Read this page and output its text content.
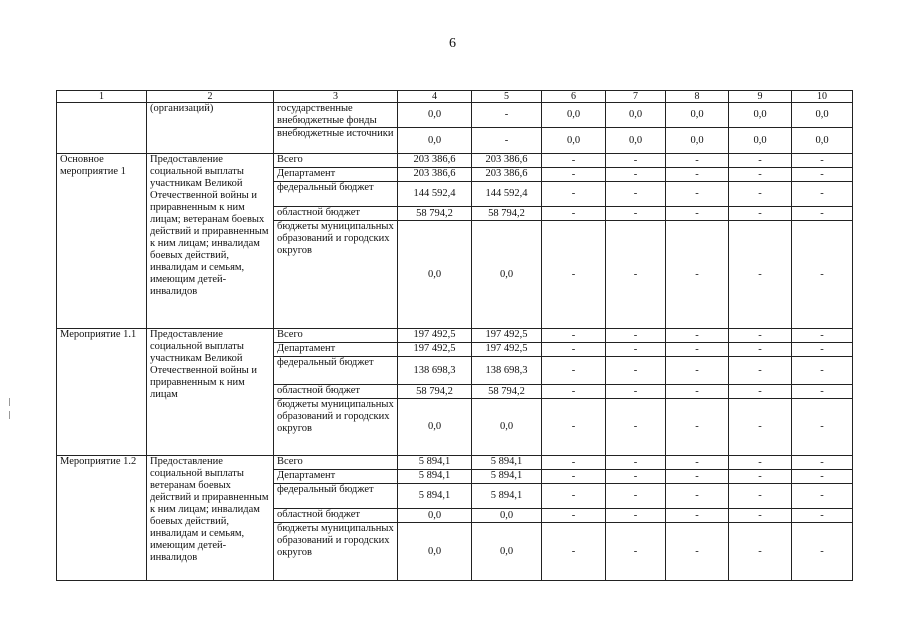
6
1	2	3	4	5	6	7	8	9	10
	(организаций)	государственные внебюджетные фонды	0,0	-	0,0	0,0	0,0	0,0	0,0
		внебюджетные источники	0,0	-	0,0	0,0	0,0	0,0	0,0
Основное мероприятие 1	Предоставление социальной выплаты участникам Великой Отечественной войны и приравненным к ним лицам; ветеранам боевых действий и приравненным к ним лицам; инвалидам боевых действий, инвалидам и семьям, имеющим детей-инвалидов	Всего	203 386,6	203 386,6	-	-	-	-	-
		Департамент	203 386,6	203 386,6	-	-	-	-	-
		федеральный бюджет	144 592,4	144 592,4	-	-	-	-	-
		областной бюджет	58 794,2	58 794,2	-	-	-	-	-
		бюджеты муниципальных образований и городских округов	0,0	0,0	-	-	-	-	-
Мероприятие 1.1	Предоставление социальной выплаты участникам Великой Отечественной войны и приравненным к ним лицам	Всего	197 492,5	197 492,5	-	-	-	-	-
		Департамент	197 492,5	197 492,5	-	-	-	-	-
		федеральный бюджет	138 698,3	138 698,3	-	-	-	-	-
		областной бюджет	58 794,2	58 794,2	-	-	-	-	-
		бюджеты муниципальных образований и городских округов	0,0	0,0	-	-	-	-	-
Мероприятие 1.2	Предоставление социальной выплаты ветеранам боевых действий и приравненным к ним лицам; инвалидам боевых действий, инвалидам и семьям, имеющим детей-инвалидов	Всего	5 894,1	5 894,1	-	-	-	-	-
		Департамент	5 894,1	5 894,1	-	-	-	-	-
		федеральный бюджет	5 894,1	5 894,1	-	-	-	-	-
		областной бюджет	0,0	0,0	-	-	-	-	-
		бюджеты муниципальных образований и городских округов	0,0	0,0	-	-	-	-	-
